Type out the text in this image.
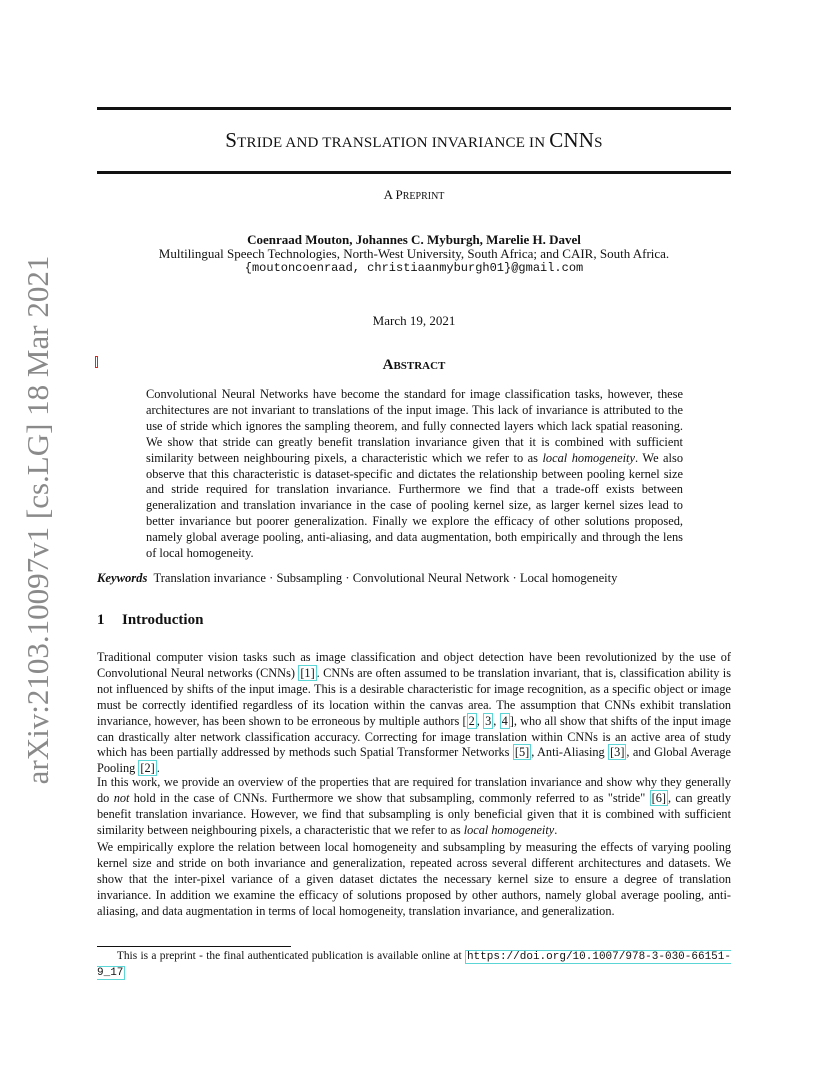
arXiv:2103.10097v1 [cs.LG] 18 Mar 2021
STRIDE AND TRANSLATION INVARIANCE IN CNNS
A PREPRINT
Coenraad Mouton, Johannes C. Myburgh, Marelie H. Davel
Multilingual Speech Technologies, North-West University, South Africa; and CAIR, South Africa.
{moutoncoenraad, christiaanmyburgh01}@gmail.com
March 19, 2021
ABSTRACT

Convolutional Neural Networks have become the standard for image classification tasks, however, these architectures are not invariant to translations of the input image. This lack of invariance is attributed to the use of stride which ignores the sampling theorem, and fully connected layers which lack spatial reasoning. We show that stride can greatly benefit translation invariance given that it is combined with sufficient similarity between neighbouring pixels, a characteristic which we refer to as local homogeneity. We also observe that this characteristic is dataset-specific and dictates the relationship between pooling kernel size and stride required for translation invariance. Furthermore we find that a trade-off exists between generalization and translation invariance in the case of pooling kernel size, as larger kernel sizes lead to better invariance but poorer generalization. Finally we explore the efficacy of other solutions proposed, namely global average pooling, anti-aliasing, and data augmentation, both empirically and through the lens of local homogeneity.

Keywords Translation invariance · Subsampling · Convolutional Neural Network · Local homogeneity

1 Introduction

Traditional computer vision tasks such as image classification and object detection have been revolutionized by the use of Convolutional Neural networks (CNNs) [1] . CNNs are often assumed to be translation invariant, that is, classification ability is not influenced by shifts of the input image. This is a desirable characteristic for image recognition, as a specific object or image must be correctly identified regardless of its location within the canvas area. The assumption that CNNs exhibit translation invariance, however, has been shown to be erroneous by multiple authors [ 2 , 3 , 4 ], who all show that shifts of the input image can drastically alter network classification accuracy. Correcting for image translation within CNNs is an active area of study which has been partially addressed by methods such Spatial Transformer Networks [5] , Anti-Aliasing [3] , and Global Average Pooling [2] .

In this work, we provide an overview of the properties that are required for translation invariance and show why they generally do not hold in the case of CNNs. Furthermore we show that subsampling, commonly referred to as "stride" [6] , can greatly benefit translation invariance. However, we find that subsampling is only beneficial given that it is combined with sufficient similarity between neighbouring pixels, a characteristic that we refer to as local homogeneity.

We empirically explore the relation between local homogeneity and subsampling by measuring the effects of varying pooling kernel size and stride on both invariance and generalization, repeated across several different architectures and datasets. We show that the inter-pixel variance of a given dataset dictates the necessary kernel size to ensure a degree of translation invariance. In addition we examine the efficacy of solutions proposed by other authors, namely global average pooling, anti-aliasing, and data augmentation in terms of local homogeneity, translation invariance, and generalization.

This is a preprint - the final authenticated publication is available online at https://doi.org/10.1007/978-3-030-66151-9_17
